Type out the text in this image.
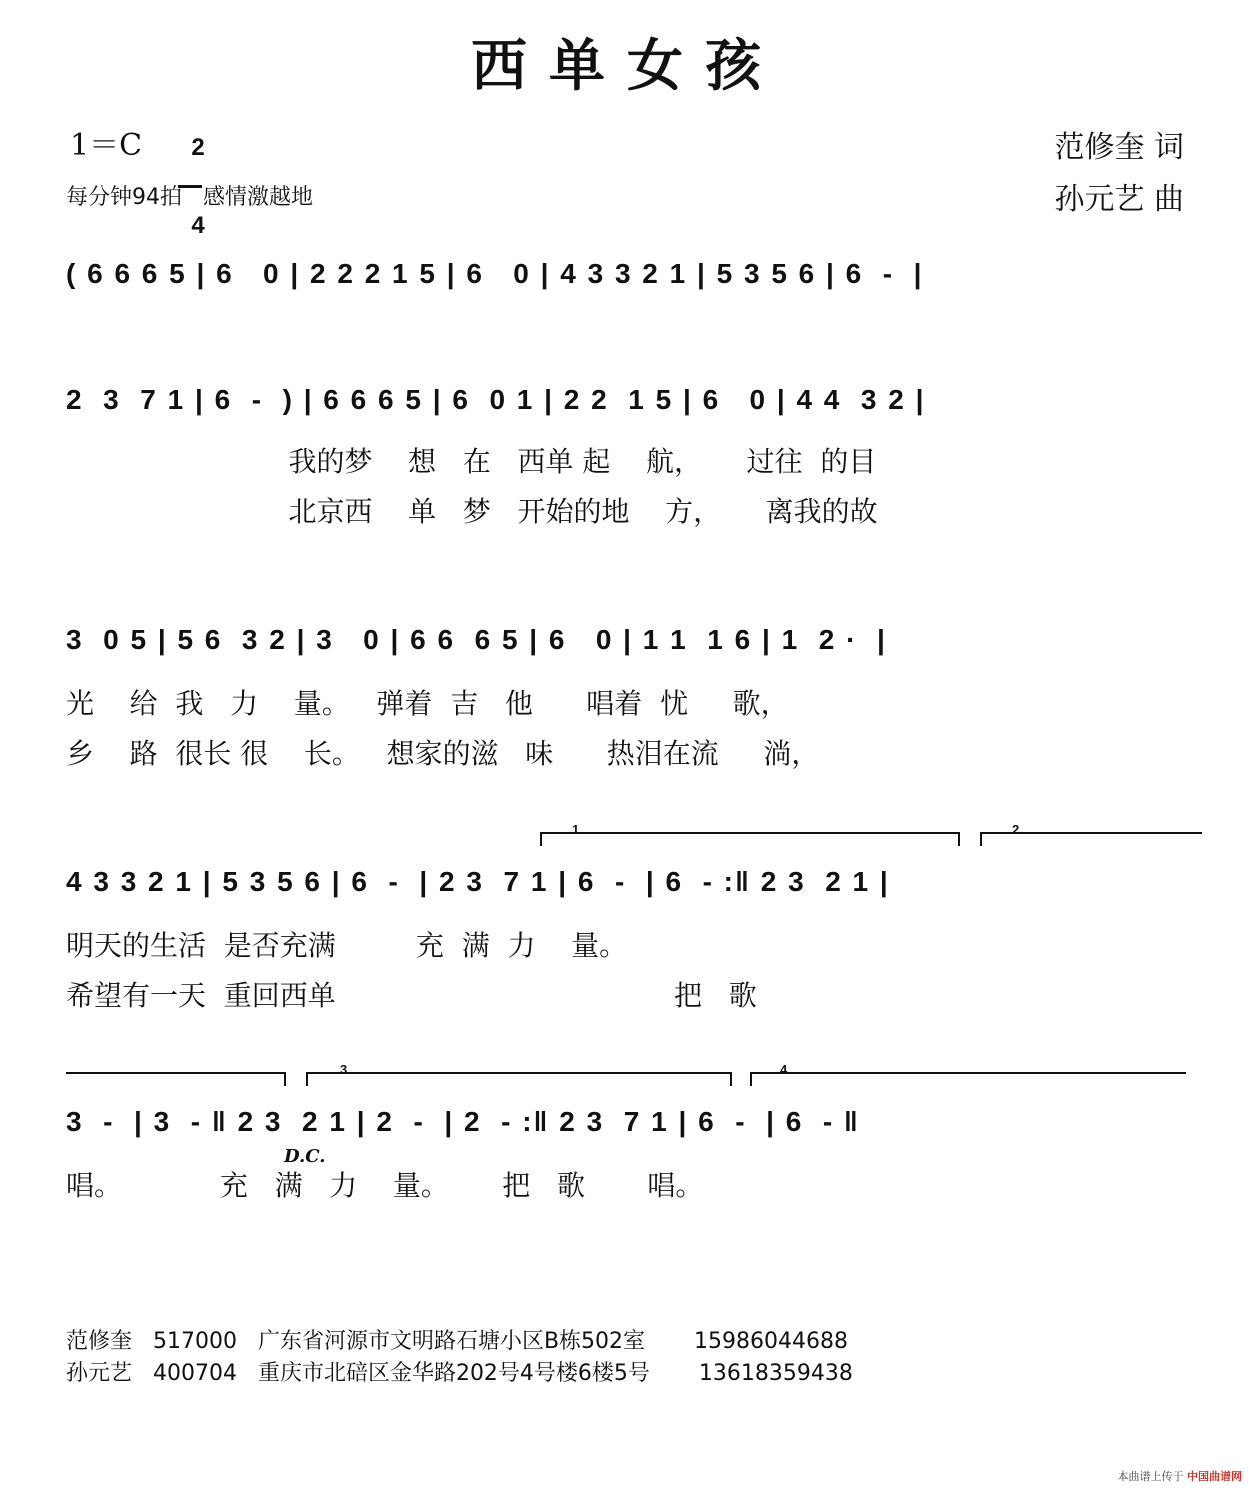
西单女孩
1＝C	2

4

每分钟94拍   感情激越地
范修奎 词
孙元艺 曲
( 6 6 6 5 | 6   0 | 2 2 2 1 5 | 6   0 | 4 3 3 2 1 | 5 3 5 6 | 6  -  |
2  3  7 1 | 6  -  ) | 6 6 6 5 | 6  0 1 | 2 2  1 5 | 6   0 | 4 4  3 2 |
我的梦    想   在   西单 起    航，     过往  的目
北京西    单   梦   开始的地    方，     离我的故
3  0 5 | 5 6  3 2 | 3   0 | 6 6  6 5 | 6   0 | 1 1  1 6 | 1  2 ·  |
光    给  我   力    量。   弹着  吉   他      唱着  忧     歌，
乡    路  很长 很    长。   想家的滋   味      热泪在流     淌，
1.	2.
4 3 3 2 1 | 5 3 5 6 | 6  -  | 2 3  7 1 | 6  -  | 6  - :‖ 2 3  2 1 |
明天的生活  是否充满         充  满  力    量。
希望有一天  重回西单                                      把   歌
3.	4.
3  -  | 3  - ‖ 2 3  2 1 | 2  -  | 2  - :‖ 2 3  7 1 | 6  -  | 6  - ‖
D.C.
唱。           充   满   力    量。      把   歌       唱。
范修奎   517000   广东省河源市文明路石塘小区B栋502室       15986044688
孙元艺   400704   重庆市北碚区金华路202号4号楼6楼5号       13618359438
本曲谱上传于 中国曲谱网
